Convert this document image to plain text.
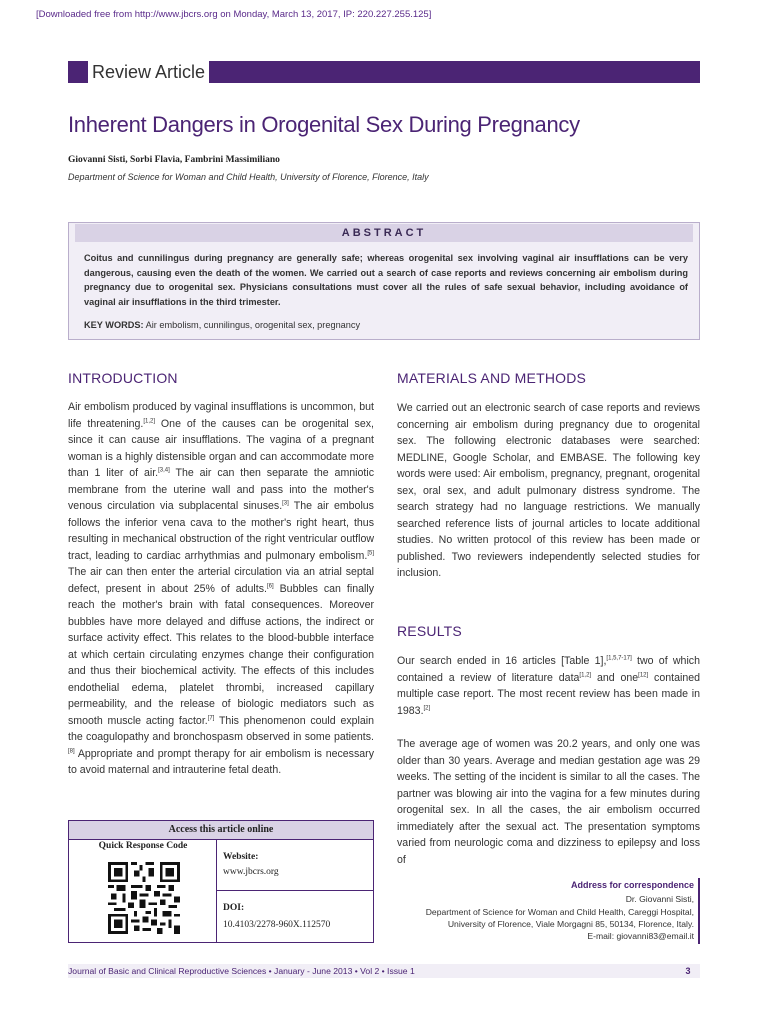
[Downloaded free from http://www.jbcrs.org on Monday, March 13, 2017, IP: 220.227.255.125]
Review Article
Inherent Dangers in Orogenital Sex During Pregnancy
Giovanni Sisti, Sorbi Flavia, Fambrini Massimiliano
Department of Science for Woman and Child Health, University of Florence, Florence, Italy
ABSTRACT
Coitus and cunnilingus during pregnancy are generally safe; whereas orogenital sex involving vaginal air insufflations can be very dangerous, causing even the death of the women. We carried out a search of case reports and reviews concerning air embolism during pregnancy due to orogenital sex. Physicians consultations must cover all the rules of safe sexual behavior, including avoidance of vaginal air insufflations in the third trimester.
KEY WORDS: Air embolism, cunnilingus, orogenital sex, pregnancy
INTRODUCTION
Air embolism produced by vaginal insufflations is uncommon, but life threatening.[1,2] One of the causes can be orogenital sex, since it can cause air insufflations. The vagina of a pregnant woman is a highly distensible organ and can accommodate more than 1 liter of air.[3,4] The air can then separate the amniotic membrane from the uterine wall and pass into the mother's venous circulation via subplacental sinuses.[3] The air embolus follows the inferior vena cava to the mother's right heart, thus resulting in mechanical obstruction of the right ventricular outflow tract, leading to cardiac arrhythmias and pulmonary embolism.[5] The air can then enter the arterial circulation via an atrial septal defect, present in about 25% of adults.[6] Bubbles can finally reach the mother's brain with fatal consequences. Moreover bubbles have more delayed and diffuse actions, the indirect or surface activity effect. This relates to the blood-bubble interface at which certain circulating enzymes change their configuration and thus their biochemical activity. The effects of this includes endothelial edema, platelet thrombi, increased capillary permeability, and the release of biologic mediators such as smooth muscle acting factor.[7] This phenomenon could explain the coagulopathy and bronchospasm observed in some patients.[8] Appropriate and prompt therapy for air embolism is necessary to avoid maternal and intrauterine fetal death.
MATERIALS AND METHODS
We carried out an electronic search of case reports and reviews concerning air embolism during pregnancy due to orogenital sex. The following electronic databases were searched: MEDLINE, Google Scholar, and EMBASE. The following key words were used: Air embolism, pregnancy, pregnant, orogenital sex, oral sex, and adult pulmonary distress syndrome. The search strategy had no language restrictions. We manually searched reference lists of journal articles to locate additional studies. No written protocol of this review has been made or published. Two reviewers independently selected studies for inclusion.
RESULTS
Our search ended in 16 articles [Table 1],[1,5,7-17] two of which contained a review of literature data[1,2] and one[12] contained multiple case report. The most recent review has been made in 1983.[2]
The average age of women was 20.2 years, and only one was older than 30 years. Average and median gestation age was 29 weeks. The setting of the incident is similar to all the cases. The partner was blowing air into the vagina for a few minutes during orogenital sex. In all the cases, the air embolism occurred immediately after the sexual act. The presentation symptoms varied from neurologic coma and dizziness to epilepsy and loss of
Access this article online
Quick Response Code
Website:
www.jbcrs.org
DOI:
10.4103/2278-960X.112570
Address for correspondence
Dr. Giovanni Sisti,
Department of Science for Woman and Child Health, Careggi Hospital,
University of Florence, Viale Morgagni 85, 50134, Florence, Italy.
E-mail: giovanni83@email.it
Journal of Basic and Clinical Reproductive Sciences • January - June 2013 • Vol 2 • Issue 1	3
